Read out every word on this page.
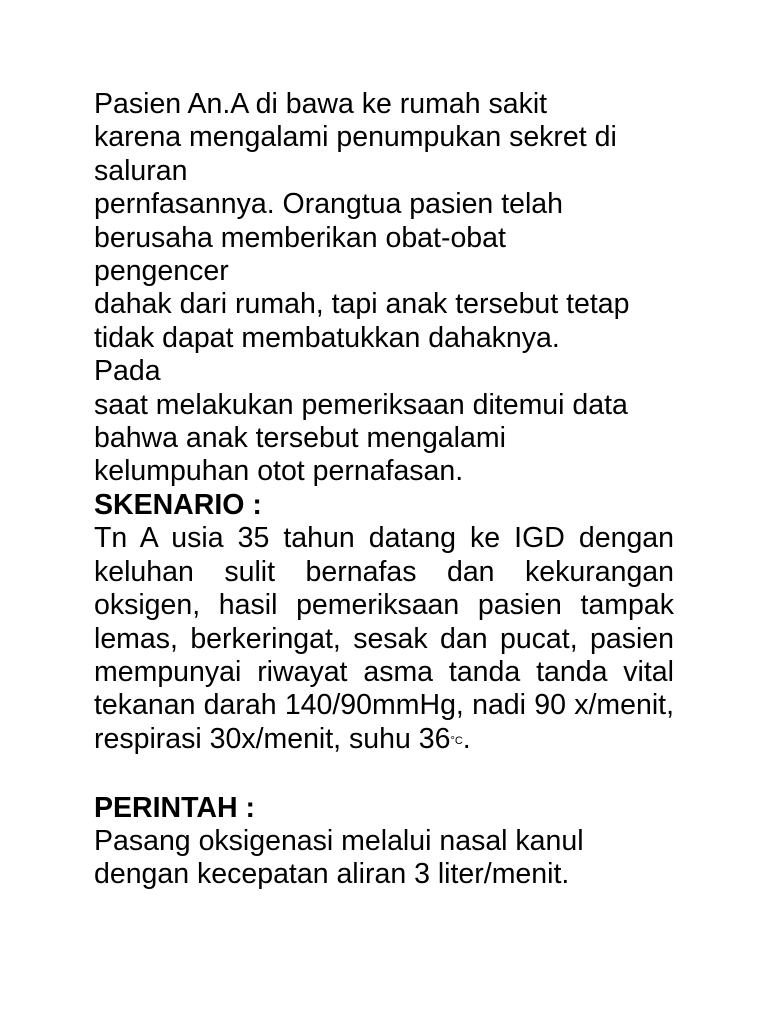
Pasien An.A di bawa ke rumah sakit
karena mengalami penumpukan sekret di
saluran
pernfasannya. Orangtua pasien telah
berusaha memberikan obat-obat
pengencer
dahak dari rumah, tapi anak tersebut tetap
tidak dapat membatukkan dahaknya.
Pada
saat melakukan pemeriksaan ditemui data
bahwa anak tersebut mengalami
kelumpuhan otot pernafasan.
SKENARIO :
Tn A usia 35 tahun datang ke IGD dengan keluhan sulit bernafas dan kekurangan oksigen, hasil pemeriksaan pasien tampak lemas, berkeringat, sesak dan pucat, pasien mempunyai riwayat asma tanda tanda vital tekanan darah 140/90mmHg, nadi 90 x/menit, respirasi 30x/menit, suhu 36°C.
PERINTAH :
Pasang oksigenasi melalui nasal kanul
dengan kecepatan aliran 3 liter/menit.
